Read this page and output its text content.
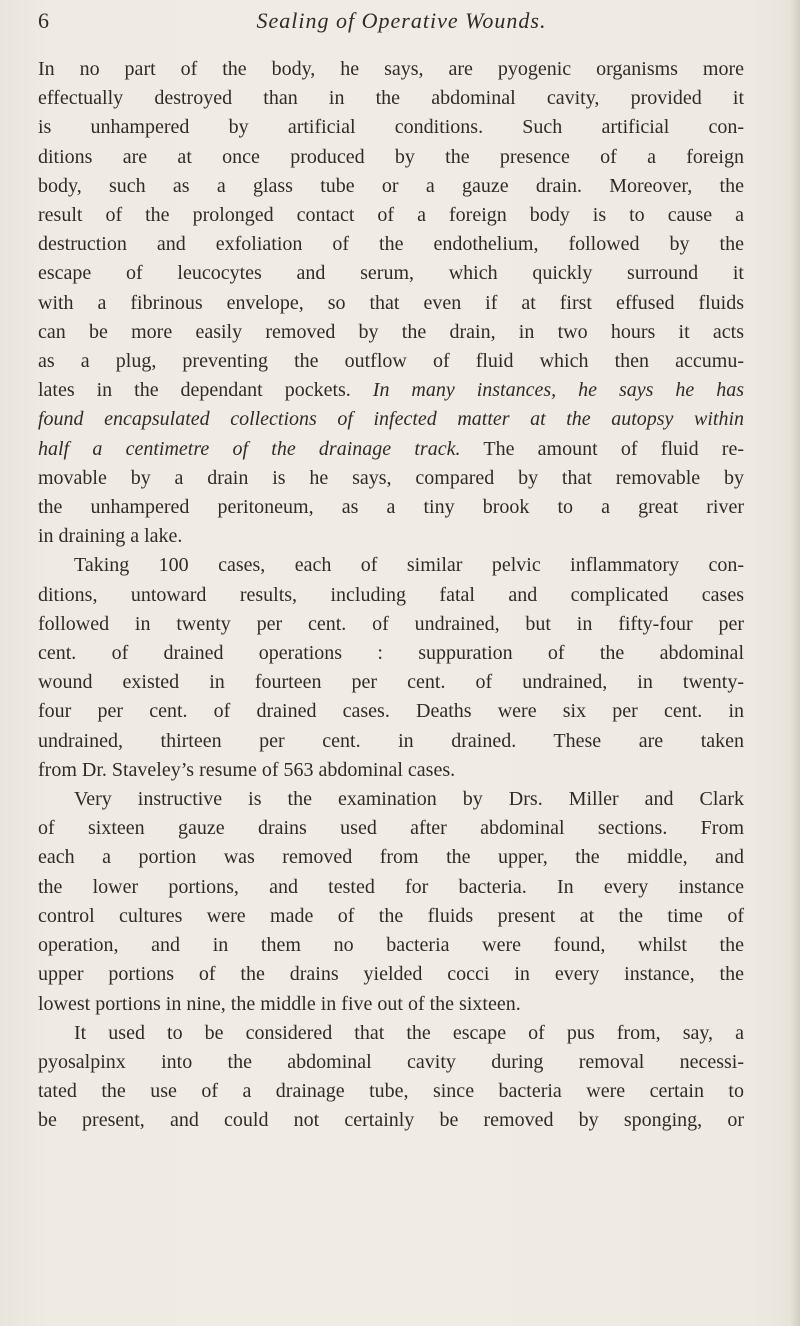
6	Sealing of Operative Wounds.
In no part of the body, he says, are pyogenic organisms more
effectually destroyed than in the abdominal cavity, provided it
is unhampered by artificial conditions. Such artificial con-
ditions are at once produced by the presence of a foreign
body, such as a glass tube or a gauze drain. Moreover, the
result of the prolonged contact of a foreign body is to cause a
destruction and exfoliation of the endothelium, followed by the
escape of leucocytes and serum, which quickly surround it
with a fibrinous envelope, so that even if at first effused fluids
can be more easily removed by the drain, in two hours it acts
as a plug, preventing the outflow of fluid which then accumu-
lates in the dependant pockets. In many instances, he says he has
found encapsulated collections of infected matter at the autopsy within
half a centimetre of the drainage track. The amount of fluid re-
movable by a drain is he says, compared by that removable by
the unhampered peritoneum, as a tiny brook to a great river
in draining a lake.
Taking 100 cases, each of similar pelvic inflammatory con-
ditions, untoward results, including fatal and complicated cases
followed in twenty per cent. of undrained, but in fifty-four per
cent. of drained operations : suppuration of the abdominal
wound existed in fourteen per cent. of undrained, in twenty-
four per cent. of drained cases. Deaths were six per cent. in
undrained, thirteen per cent. in drained. These are taken
from Dr. Staveley’s resume of 563 abdominal cases.
Very instructive is the examination by Drs. Miller and Clark
of sixteen gauze drains used after abdominal sections. From
each a portion was removed from the upper, the middle, and
the lower portions, and tested for bacteria. In every instance
control cultures were made of the fluids present at the time of
operation, and in them no bacteria were found, whilst the
upper portions of the drains yielded cocci in every instance, the
lowest portions in nine, the middle in five out of the sixteen.
It used to be considered that the escape of pus from, say, a
pyosalpinx into the abdominal cavity during removal necessi-
tated the use of a drainage tube, since bacteria were certain to
be present, and could not certainly be removed by sponging, or
